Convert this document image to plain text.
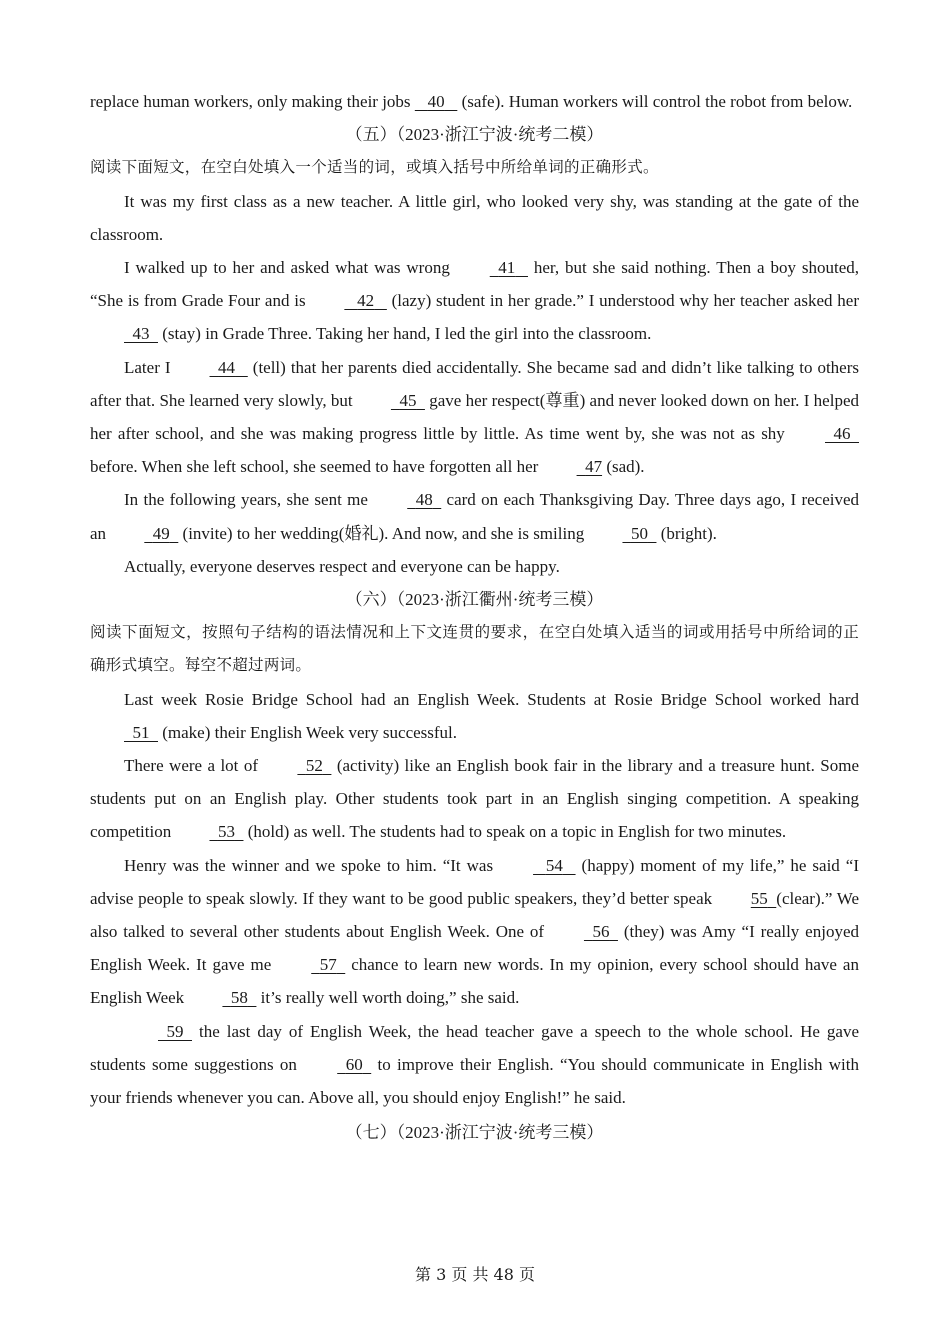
replace human workers, only making their jobs    40    (safe). Human workers will control the robot from below.

（五）（2023·浙江宁波·统考二模）

阅读下面短文，在空白处填入一个适当的词，或填入括号中所给单词的正确形式。

It was my first class as a new teacher. A little girl, who looked very shy, was standing at the gate of the classroom.

I walked up to her and asked what was wrong	41    her, but she said nothing. Then a boy shouted, “She is from Grade Four and is	42    (lazy) student in her grade.” I understood why her teacher asked her   43   (stay) in Grade Three. Taking her hand, I led the girl into the classroom.

Later I	44    (tell) that her parents died accidentally. She became sad and didn’t like talking to others after that. She learned very slowly, but	45   gave her respect(尊重) and never looked down on her. I helped her after school, and she was making progress little by little. As time went by, she was not as shy	46   before. When she left school, she seemed to have forgotten all her	47 (sad).

In the following years, she sent me	48   card on each Thanksgiving Day. Three days ago, I received an	49   (invite) to her wedding(婚礼). And now, and she is smiling	50   (bright).

Actually, everyone deserves respect and everyone can be happy.

（六）（2023·浙江衢州·统考三模）

阅读下面短文，按照句子结构的语法情况和上下文连贯的要求，在空白处填入适当的词或用括号中所给词的正确形式填空。· · · 每空不超过两词。

Last week Rosie Bridge School had an English Week. Students at Rosie Bridge School worked hard   51   (make) their English Week very successful.

There were a lot of	52   (activity) like an English book fair in the library and a treasure hunt. Some students put on an English play. Other students took part in an English singing competition. A speaking competition	53   (hold) as well. The students had to speak on a topic in English for two minutes.

Henry was the winner and we spoke to him. “It was	54    (happy) moment of my life,” he said “I advise people to speak slowly. If they want to be good public speakers, they’d better speak 55 (clear).” We also talked to several other students about English Week. One of	56   (they) was Amy “I really enjoyed English Week. It gave me	57   chance to learn new words. In my opinion, every school should have an English Week	58   it’s really well worth doing,” she said.

59   the last day of English Week, the head teacher gave a speech to the whole school. He gave students some suggestions on	60   to improve their English. “You should communicate in English with your friends whenever you can. Above all, you should enjoy English!” he said.

（七）（2023·浙江宁波·统考三模）

第 3 页 共 48 页
